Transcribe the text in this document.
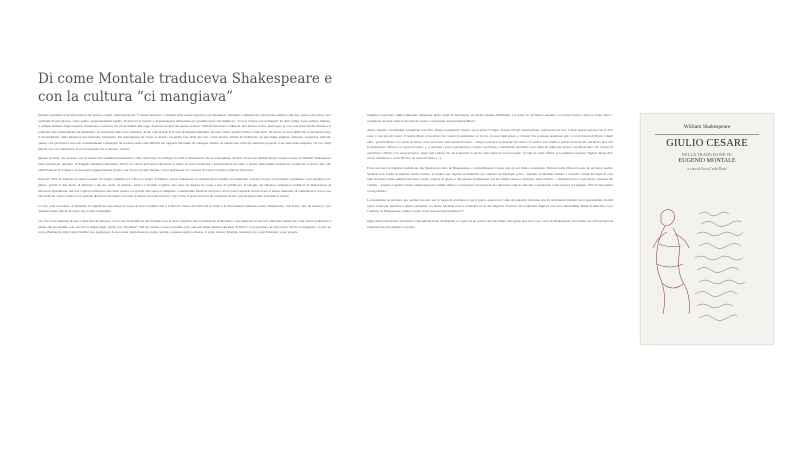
Di come Montale traduceva Shakespeare e con la cultura “ci mangiava”

Quando pensiamo ai grandi scrittori del passato, quelli ormai entrati nel “Canone letterario” e studiati sulle scuole superiori, per intenderci, tendiamo a dimenticare che furono uomini come noi, spesso alle prese con i problemi di ogni giorno, come quello, apparentemente banale, di sbarcare il lunario e di guadagnarsi abbastanza per garantirsi una vita dignitosa. “Con la cultura non si mangia” ha detto tempo fa un politico italiano, e, sempre delibere degli sognava, studiavano e pensava che un problema dell’oggi, di questa società che spesso svilisce l’attività letteraria e culturale. Nel mezzo scorso, purtroppo, le cose non erano molto diverse e il problema del sostentamento ha riguardato, in alcuni fasi della loro esistenza, anche i più grandi. Il il caso di Eugenio Montale. Il poeta, futuro premio Nobel, a fine anni ’30 ritrova la sorta difficolta economiche dopo il licenziamento dalla direzione del Gabinetto Vieusseux. Per guadagnarsi da vivere si dedicò, tra quello fase della sua vita, a una intensa attività di traduzione, da più lingue (inglese, francese, spagnolo). Attività, questa, che gli fornisce non solo sostentamento e impegno, da norteria tante volte difficili nel rapporto dei tempi di consegna. Inoltre, in quella fase, tuttò gli venivano proposti, a seconda delle esigenze, via via, dagli editori con cui collaborava, il suo riconsegna ciò ce intanto, i lavori.

Quente vicende, che portano con sé sudori non sandideti (nomenarisi, come riuscivano in sviluppo tra altri le dimensione che accompagnano un libro di morosi pubblicazione: Giulio Cesare di William Shakespeare nella traduzione, appunto, di Eugenio Montale (Interlinea, 2023). La curata dell’opera ripercorre il dietro le varie traduzioni e pubblicazioni del testo a partire dalla prima traduzione, scritta per il teatro, fino alla pubblicazione in volume e ai successivi aggiustamenti, grazie a un lavoro su carte inedite, con la prefazione e la curatela di Lucia Corbella e Ottavia Ottaviani.

Nata nel 1953 su richiesta di Guido Granier di Giorgio Strehler per il Piccolo Teatro di Milano, questa traduzione era rimasta finora inedita, ma mettiamo al manco troppo la necessità e premesse a sua pubblica ed a giunto, perché il dire molto di Montale e del suo modo di tradurre. Giusci e Strehler vogliono uno testo da mettere in scena e non da pubblicare. Il bisogno gli chiedono istantanea traduttori di Shakespeare di Salvatore Quasimodo, ma non voglion sviluppare una dirse poesia. La grande dell’opera è vinigliano. Consultiamo Montale all’epoca, ma il poeta risponde di non avere il tempo materiale di completare il lavoro per una proficua, usata sorelle. Così qualche difazione nel tempo, facendo si interse in scena il lavoro. Tra l’altra, il poeta riceverà un compenso di lire, perché passa tanti dovrebbe al Teatro.

La vita, sola eccezione, il dilemma, ha significato una messa in scena ai testi e numeri non è il Piccolo Teatro nel 1953-54 in Italia e in Sud America (Buenos Aires, Montevideo, San Paolo, Rio de Janeiro) e per qualche lettere tipiche di opera sua di altri compagnie.

Ciò che forse interessa di più, a tanti anni di distanza, è non solo le modifiche che Strehler fece al testo originale, ma la traduzione di Montale, e per meritarsi la sua nota, Montale ritiene che “una buona traduzione è quella che sia tenibile a sé, che sia la lingua degli, anche con i moderni”. Nel suo Giulio Cesare troviamo così: una più ampia mimesi del testo di Bruco; la popolarità e la buca dare i tributi ad aneggiare, ti darò un conio, Barbarelle. Ogni tanto Strehler non apprezzava la sua scena, nella messa in scena, sparita e assunse sparite a messa. A volte, invece, Montale traduceva suo versi Desiderio e suo proprie

semplici e popolari: animai limonati, lamentose grida, degli di mascaperti, ad adobar grenne. Bellissimo è il passo in cui Marco Antonio, con abile retorica, aizza la folla contro i congiurati, dicendo nelle le bocche di Cesare e accusando lui brucamente Bruto:

Amici, romani, concittadini, prestatemi orecchio. Vengo a seppellire Cesare, non a farne l’elogio. Il male che gli uomini fanno, sopravvive ad essi; il bene spesso sepolto con le loro ossa: e così sia di Cesare. Il nobile Bruto vi ha detto che Cesare fu ambizioso: se lo era, fu una colpa grave, e Cesare l’ha scontata. Ammesso qui, e col permesso di Bruto e degli altri – perché Bruto è un uomo di onore; così sono tutti, tutti uomini d’onore – vengo a parlare al funerale di Cesare. Fu amico mio, fedele e giusto verso di me; ma Bruto dice che fu ambizioso e Bruto è un uomo d’onore. [...] Quando i poveri piangevano, Cesare lacrimava; l’ambizione dovrebbe esser fatta di stoffa più severa; ma Bruto dice che Cesare fu ambizioso e Bruto è un uomo d’onore. Avete tutti veduto che nei Lupercali io gli tre volte offrii la corona regale, ch’egli tre volte rifiutò: era ambizione questa? Eppure Bruto dice che fu ambizioso e certo Bruto è un uomo d’onore [...]

Forte non sarà la migliore traduzione che Montale ha fatto di Shakespeare, e probabilmente l’opera non gli era molto congeniale. Tuttavia sulla difesa il poeta da un’unico partiti. Montale non voglio di tradurre Giulio Cesare, lo traduce per ragioni economiche, per ottenere un impiegno preso. “Quando le Montale traduce i concetti i tempi del tagio di cesa tanti di mezza estate semple una libera scelta, regione di questo e del piacere di misurarsi con un cambio autore e letterario nella attività – commenta Luca Carlo Rossi, curatore del volume – quando è applicò il testo shakespeariano sembre timore a la tassativa ricorrenza il suo interesse come lo annoiate convenzioni come precisa il 3 gennaio 1957 in una lettera a Luigi Russo”.

La traduzione su incontra, pur sempre un testo per lo meno di eccellente e per il teatro, spettacolo come un tentativo rilevante non fu di maniera limitata tra la speranzialità di altri opere scelte per passione e giusta personale. Lo stesso Montale non la considera tra le sue migliori. Scriverà “In traduzioni migliori non sono infatti Billy Budd di Melville, e poi l’Amleto di Shakespeare. Giulio Cesare credo non sarà mai pubblicato”.

Oggi invece necessario ricostruire l’incredibile mole di Montale e l’opera di un sorriso del suo tempo alle prese non solo con i versi di Shakespeare, ma anche con altri bisogni ed esigenze ben più semplici e terrene.

William Shakespeare
GIULIO CESARE
NELLA TRADUZIONE DI
EUGENIO MONTALE
a cura di Luca Carlo Rossi
